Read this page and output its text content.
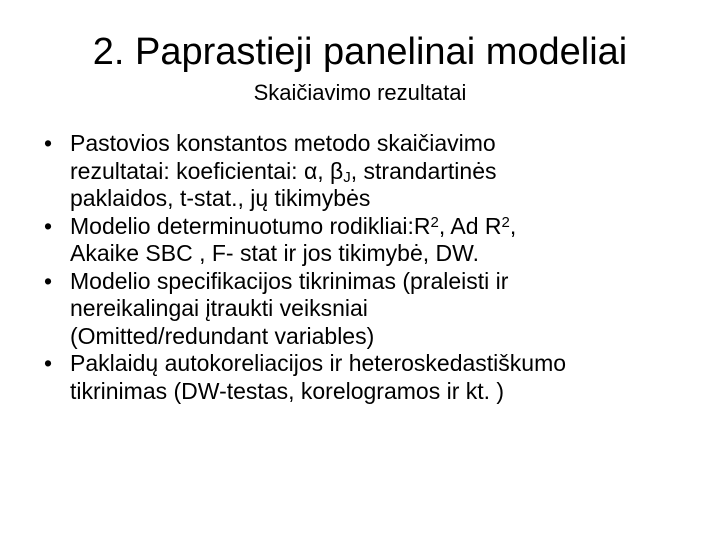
2. Paprastieji panelinai modeliai
Skaičiavimo rezultatai
• Pastovios konstantos metodo skaičiavimo
rezultatai: koeficientai: α, $\beta_J$, strandartinės
paklaidos, t-stat., jų tikimybės
• Modelio determinuotumo $rodikliai:R^2$, Ad $R^2$,
Akaike SBC , F- stat ir jos tikimybė, DW.
• Modelio specifikacijos tikrinimas (praleisti ir
nereikalingai įtraukti veiksniai
(Omitted/redundant variables)
• Paklaidų autokoreliacijos ir heteroskedastiškumo
tikrinimas (DW-testas, korelogramos ir kt. )
